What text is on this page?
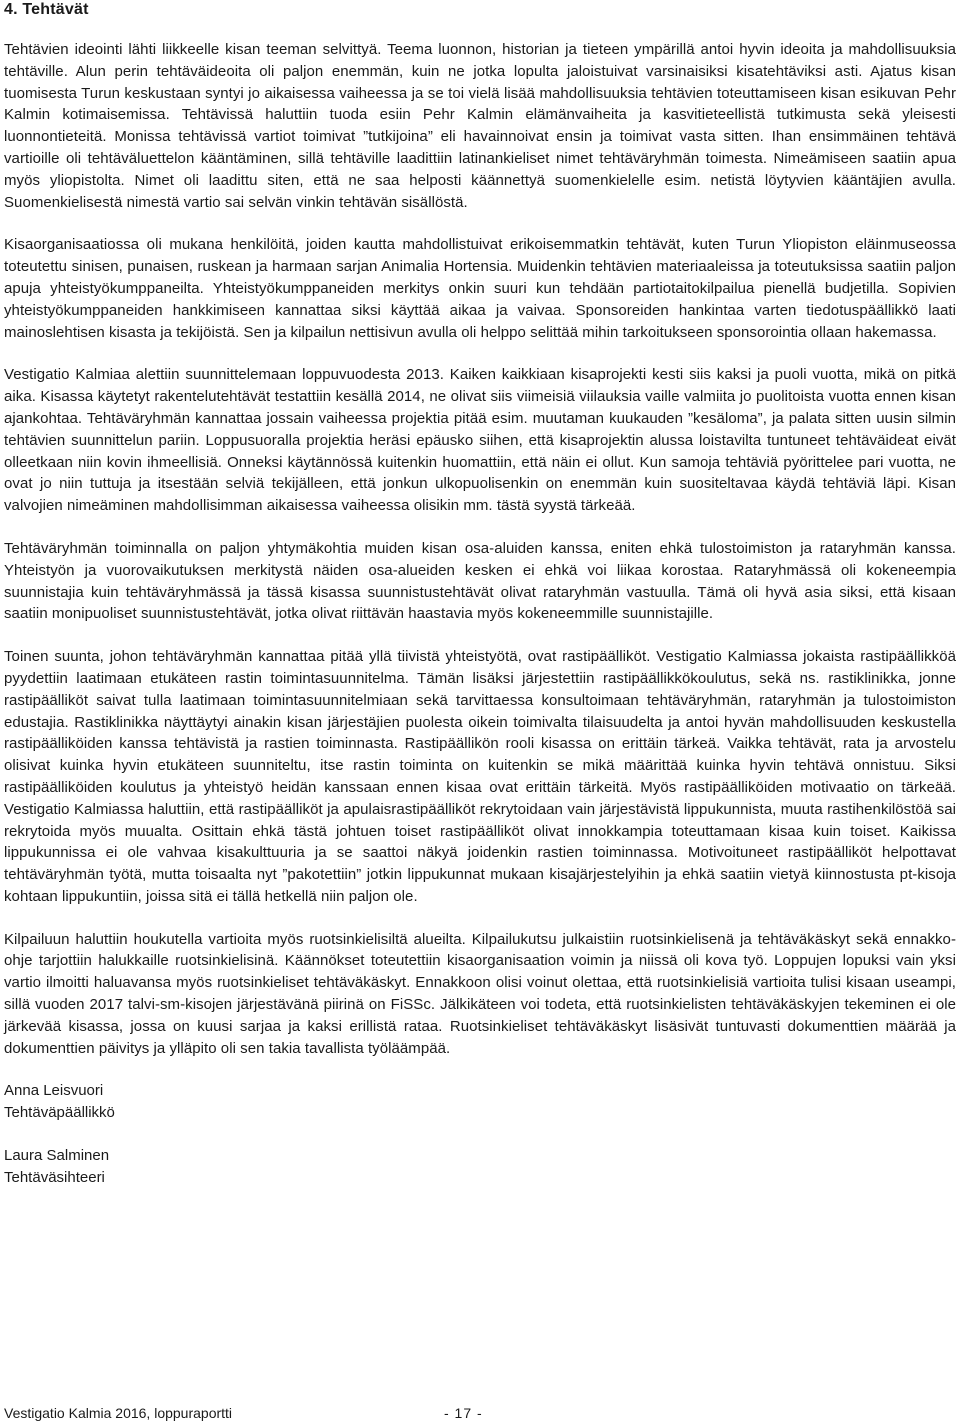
4. Tehtävät

Tehtävien ideointi lähti liikkeelle kisan teeman selvittyä. Teema luonnon, historian ja tieteen ympärillä antoi hyvin ideoita ja mahdollisuuksia tehtäville. Alun perin tehtäväideoita oli paljon enemmän, kuin ne jotka lopulta jaloistuivat varsinaisiksi kisatehtäviksi asti. Ajatus kisan tuomisesta Turun keskustaan syntyi jo aikaisessa vaiheessa ja se toi vielä lisää mahdollisuuksia tehtävien toteuttamiseen kisan esikuvan Pehr Kalmin kotimaisemissa. Tehtävissä haluttiin tuoda esiin Pehr Kalmin elämänvaiheita ja kasvitieteellistä tutkimusta sekä yleisesti luonnontieteitä. Monissa tehtävissä vartiot toimivat ”tutkijoina” eli havainnoivat ensin ja toimivat vasta sitten. Ihan ensimmäinen tehtävä vartioille oli tehtäväluettelon kääntäminen, sillä tehtäville laadittiin latinankieliset nimet tehtäväryhmän toimesta. Nimeämiseen saatiin apua myös yliopistolta. Nimet oli laadittu siten, että ne saa helposti käännettyä suomenkielelle esim. netistä löytyvien kääntäjien avulla. Suomenkielisestä nimestä vartio sai selvän vinkin tehtävän sisällöstä.

Kisaorganisaatiossa oli mukana henkilöitä, joiden kautta mahdollistuivat erikoisemmatkin tehtävät, kuten Turun Yliopiston eläinmuseossa toteutettu sinisen, punaisen, ruskean ja harmaan sarjan Animalia Hortensia. Muidenkin tehtävien materiaaleissa ja toteutuksissa saatiin paljon apuja yhteistyökumppaneilta. Yhteistyökumppaneiden merkitys onkin suuri kun tehdään partiotaitokilpailua pienellä budjetilla. Sopivien yhteistyökumppaneiden hankkimiseen kannattaa siksi käyttää aikaa ja vaivaa. Sponsoreiden hankintaa varten tiedotuspäällikkö laati mainoslehtisen kisasta ja tekijöistä. Sen ja kilpailun nettisivun avulla oli helppo selittää mihin tarkoitukseen sponsorointia ollaan hakemassa.

Vestigatio Kalmiaa alettiin suunnittelemaan loppuvuodesta 2013. Kaiken kaikkiaan kisaprojekti kesti siis kaksi ja puoli vuotta, mikä on pitkä aika. Kisassa käytetyt rakentelutehtävät testattiin kesällä 2014, ne olivat siis viimeisiä viilauksia vaille valmiita jo puolitoista vuotta ennen kisan ajankohtaa. Tehtäväryhmän kannattaa jossain vaiheessa projektia pitää esim. muutaman kuukauden ”kesäloma”, ja palata sitten uusin silmin tehtävien suunnittelun pariin. Loppusuoralla projektia heräsi epäusko siihen, että kisaprojektin alussa loistavilta tuntuneet tehtäväideat eivät olleetkaan niin kovin ihmeellisiä. Onneksi käytännössä kuitenkin huomattiin, että näin ei ollut. Kun samoja tehtäviä pyörittelee pari vuotta, ne ovat jo niin tuttuja ja itsestään selviä tekijälleen, että jonkun ulkopuolisenkin on enemmän kuin suositeltavaa käydä tehtäviä läpi. Kisan valvojien nimeäminen mahdollisimman aikaisessa vaiheessa olisikin mm. tästä syystä tärkeää.

Tehtäväryhmän toiminnalla on paljon yhtymäkohtia muiden kisan osa-aluiden kanssa, eniten ehkä tulostoimiston ja rataryhmän kanssa. Yhteistyön ja vuorovaikutuksen merkitystä näiden osa-alueiden kesken ei ehkä voi liikaa korostaa. Rataryhmässä oli kokeneempia suunnistajia kuin tehtäväryhmässä ja tässä kisassa suunnistustehtävät olivat rataryhmän vastuulla. Tämä oli hyvä asia siksi, että kisaan saatiin monipuoliset suunnistustehtävät, jotka olivat riittävän haastavia myös kokeneemmille suunnistajille.

Toinen suunta, johon tehtäväryhmän kannattaa pitää yllä tiivistä yhteistyötä, ovat rastipäälliköt. Vestigatio Kalmiassa jokaista rastipäällikköä pyydettiin laatimaan etukäteen rastin toimintasuunnitelma. Tämän lisäksi järjestettiin rastipäällikkökoulutus, sekä ns. rastiklinikka, jonne rastipäälliköt saivat tulla laatimaan toimintasuunnitelmiaan sekä tarvittaessa konsultoimaan tehtäväryhmän, rataryhmän ja tulostoimiston edustajia. Rastiklinikka näyttäytyi ainakin kisan järjestäjien puolesta oikein toimivalta tilaisuudelta ja antoi hyvän mahdollisuuden keskustella rastipäälliköiden kanssa tehtävistä ja rastien toiminnasta. Rastipäällikön rooli kisassa on erittäin tärkeä. Vaikka tehtävät, rata ja arvostelu olisivat kuinka hyvin etukäteen suunniteltu, itse rastin toiminta on kuitenkin se mikä määrittää kuinka hyvin tehtävä onnistuu. Siksi rastipäälliköiden koulutus ja yhteistyö heidän kanssaan ennen kisaa ovat erittäin tärkeitä. Myös rastipäälliköiden motivaatio on tärkeää. Vestigatio Kalmiassa haluttiin, että rastipäälliköt ja apulaisrastipäälliköt rekrytoidaan vain järjestävistä lippukunnista, muuta rastihenkilöstöä sai rekrytoida myös muualta. Osittain ehkä tästä johtuen toiset rastipäälliköt olivat innokkampia toteuttamaan kisaa kuin toiset. Kaikissa lippukunnissa ei ole vahvaa kisakulttuuria ja se saattoi näkyä joidenkin rastien toiminnassa. Motivoituneet rastipäälliköt helpottavat tehtäväryhmän työtä, mutta toisaalta nyt ”pakotettiin” jotkin lippukunnat mukaan kisajärjestelyihin ja ehkä saatiin vietyä kiinnostusta pt-kisoja kohtaan lippukuntiin, joissa sitä ei tällä hetkellä niin paljon ole.

Kilpailuun haluttiin houkutella vartioita myös ruotsinkielisiltä alueilta. Kilpailukutsu julkaistiin ruotsinkielisenä ja tehtäväkäskyt sekä ennakko-ohje tarjottiin halukkaille ruotsinkielisinä. Käännökset toteutettiin kisaorganisaation voimin ja niissä oli kova työ. Loppujen lopuksi vain yksi vartio ilmoitti haluavansa myös ruotsinkieliset tehtäväkäskyt. Ennakkoon olisi voinut olettaa, että ruotsinkielisiä vartioita tulisi kisaan useampi, sillä vuoden 2017 talvi-sm-kisojen järjestävänä piirinä on FiSSc. Jälkikäteen voi todeta, että ruotsinkielisten tehtäväkäskyjen tekeminen ei ole järkevää kisassa, jossa on kuusi sarjaa ja kaksi erillistä rataa. Ruotsinkieliset tehtäväkäskyt lisäsivät tuntuvasti dokumenttien määrää ja dokumenttien päivitys ja ylläpito oli sen takia tavallista työläämpää.

Anna Leisvuori
Tehtäväpäällikkö
Laura Salminen
Tehtäväsihteeri
Vestigatio Kalmia 2016, loppuraportti	- 17 -
